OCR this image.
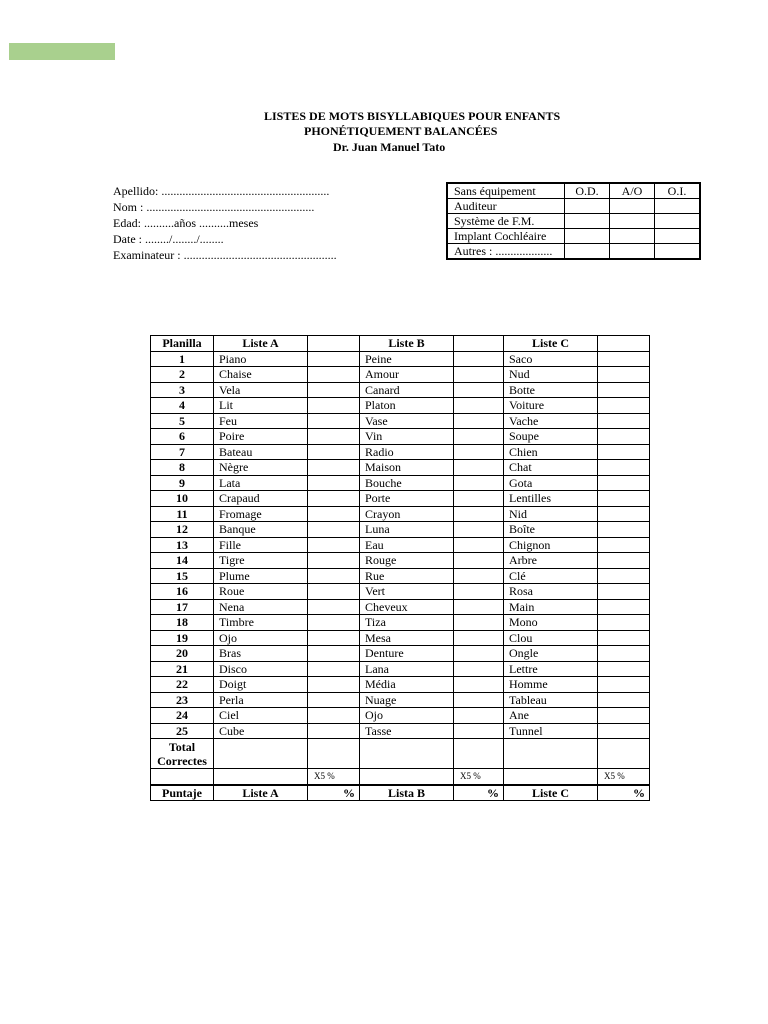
LISTES DE MOTS BISYLLABIQUES POUR ENFANTS
PHONÉTIQUEMENT BALANCÉES
Dr. Juan Manuel Tato
Apellido: ........................................................
Nom : ........................................................
Edad: ..........años ..........meses
Date : ......../......../........
Examinateur : ...................................................
Sans équipement	O.D.	A/O	O.I.
Auditeur			
Système de F.M.			
Implant Cochléaire			
Autres : ...................			
Planilla	Liste A		Liste B		Liste C	
1	Piano		Peine		Saco	
2	Chaise		Amour		Nud	
3	Vela		Canard		Botte	
4	Lit		Platon		Voiture	
5	Feu		Vase		Vache	
6	Poire		Vin		Soupe	
7	Bateau		Radio		Chien	
8	Nègre		Maison		Chat	
9	Lata		Bouche		Gota	
10	Crapaud		Porte		Lentilles	
11	Fromage		Crayon		Nid	
12	Banque		Luna		Boîte	
13	Fille		Eau		Chignon	
14	Tigre		Rouge		Arbre	
15	Plume		Rue		Clé	
16	Roue		Vert		Rosa	
17	Nena		Cheveux		Main	
18	Timbre		Tiza		Mono	
19	Ojo		Mesa		Clou	
20	Bras		Denture		Ongle	
21	Disco		Lana		Lettre	
22	Doigt		Média		Homme	
23	Perla		Nuage		Tableau	
24	Ciel		Ojo		Ane	
25	Cube		Tasse		Tunnel	
Total
Correctes						
		X5 %		X5 %		X5 %
Puntaje	Liste A	%	Lista B	%	Liste C	%
